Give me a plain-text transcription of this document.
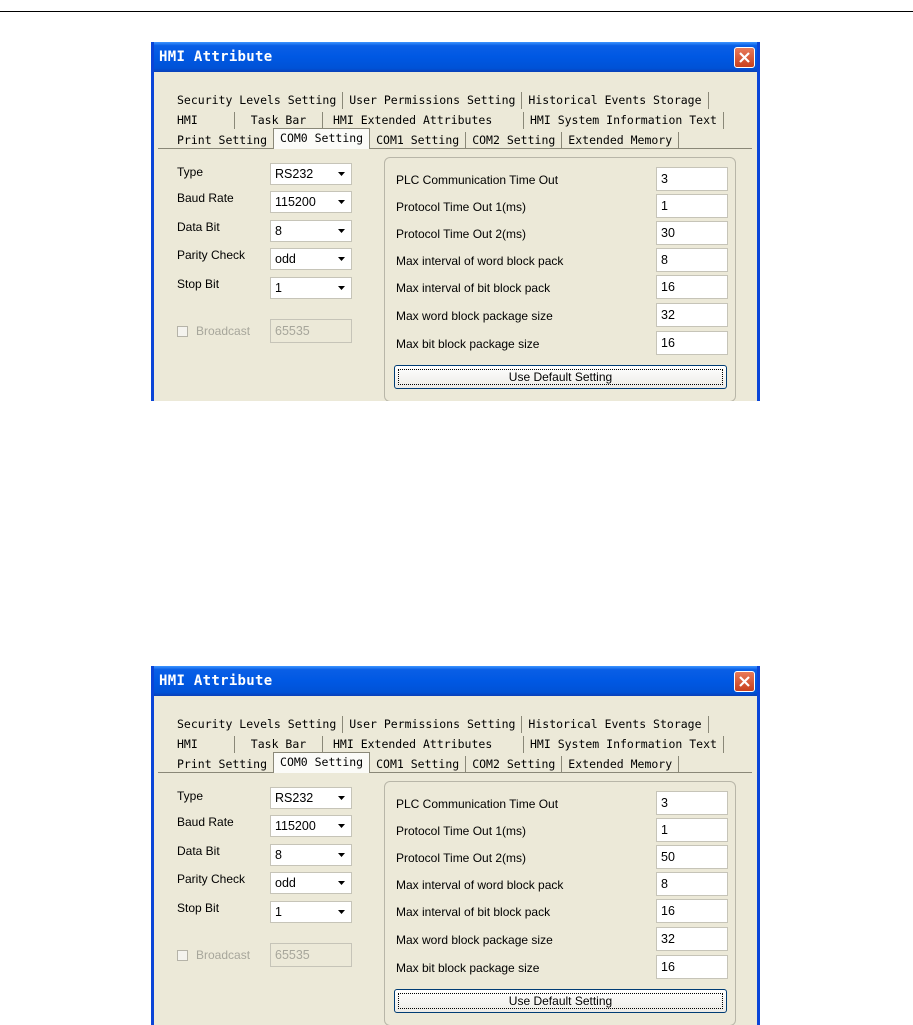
HMI Attribute
Security Levels Setting	User Permissions Setting	Historical Events Storage
HMI	Task Bar	HMI Extended Attributes	HMI System Information Text
Print Setting	COM0 Setting	COM1 Setting	COM2 Setting	Extended Memory
Type	RS232
Baud Rate	115200
Data Bit	8
Parity Check odd
Stop Bit	1
Broadcast 65535
PLC Communication Time Out	3
Protocol Time Out 1(ms)	1
Protocol Time Out 2(ms)	30
Max interval of word block pack	8
Max interval of bit block pack	16
Max word block package size	32
Max bit block package size	16
Use Default Setting
HMI Attribute
Security Levels Setting	User Permissions Setting	Historical Events Storage
HMI	Task Bar	HMI Extended Attributes	HMI System Information Text
Print Setting	COM0 Setting	COM1 Setting	COM2 Setting	Extended Memory
Type	RS232
Baud Rate	115200
Data Bit	8
Parity Check odd
Stop Bit	1
Broadcast 65535
PLC Communication Time Out	3
Protocol Time Out 1(ms)	1
Protocol Time Out 2(ms)	50
Max interval of word block pack	8
Max interval of bit block pack	16
Max word block package size	32
Max bit block package size	16
Use Default Setting
